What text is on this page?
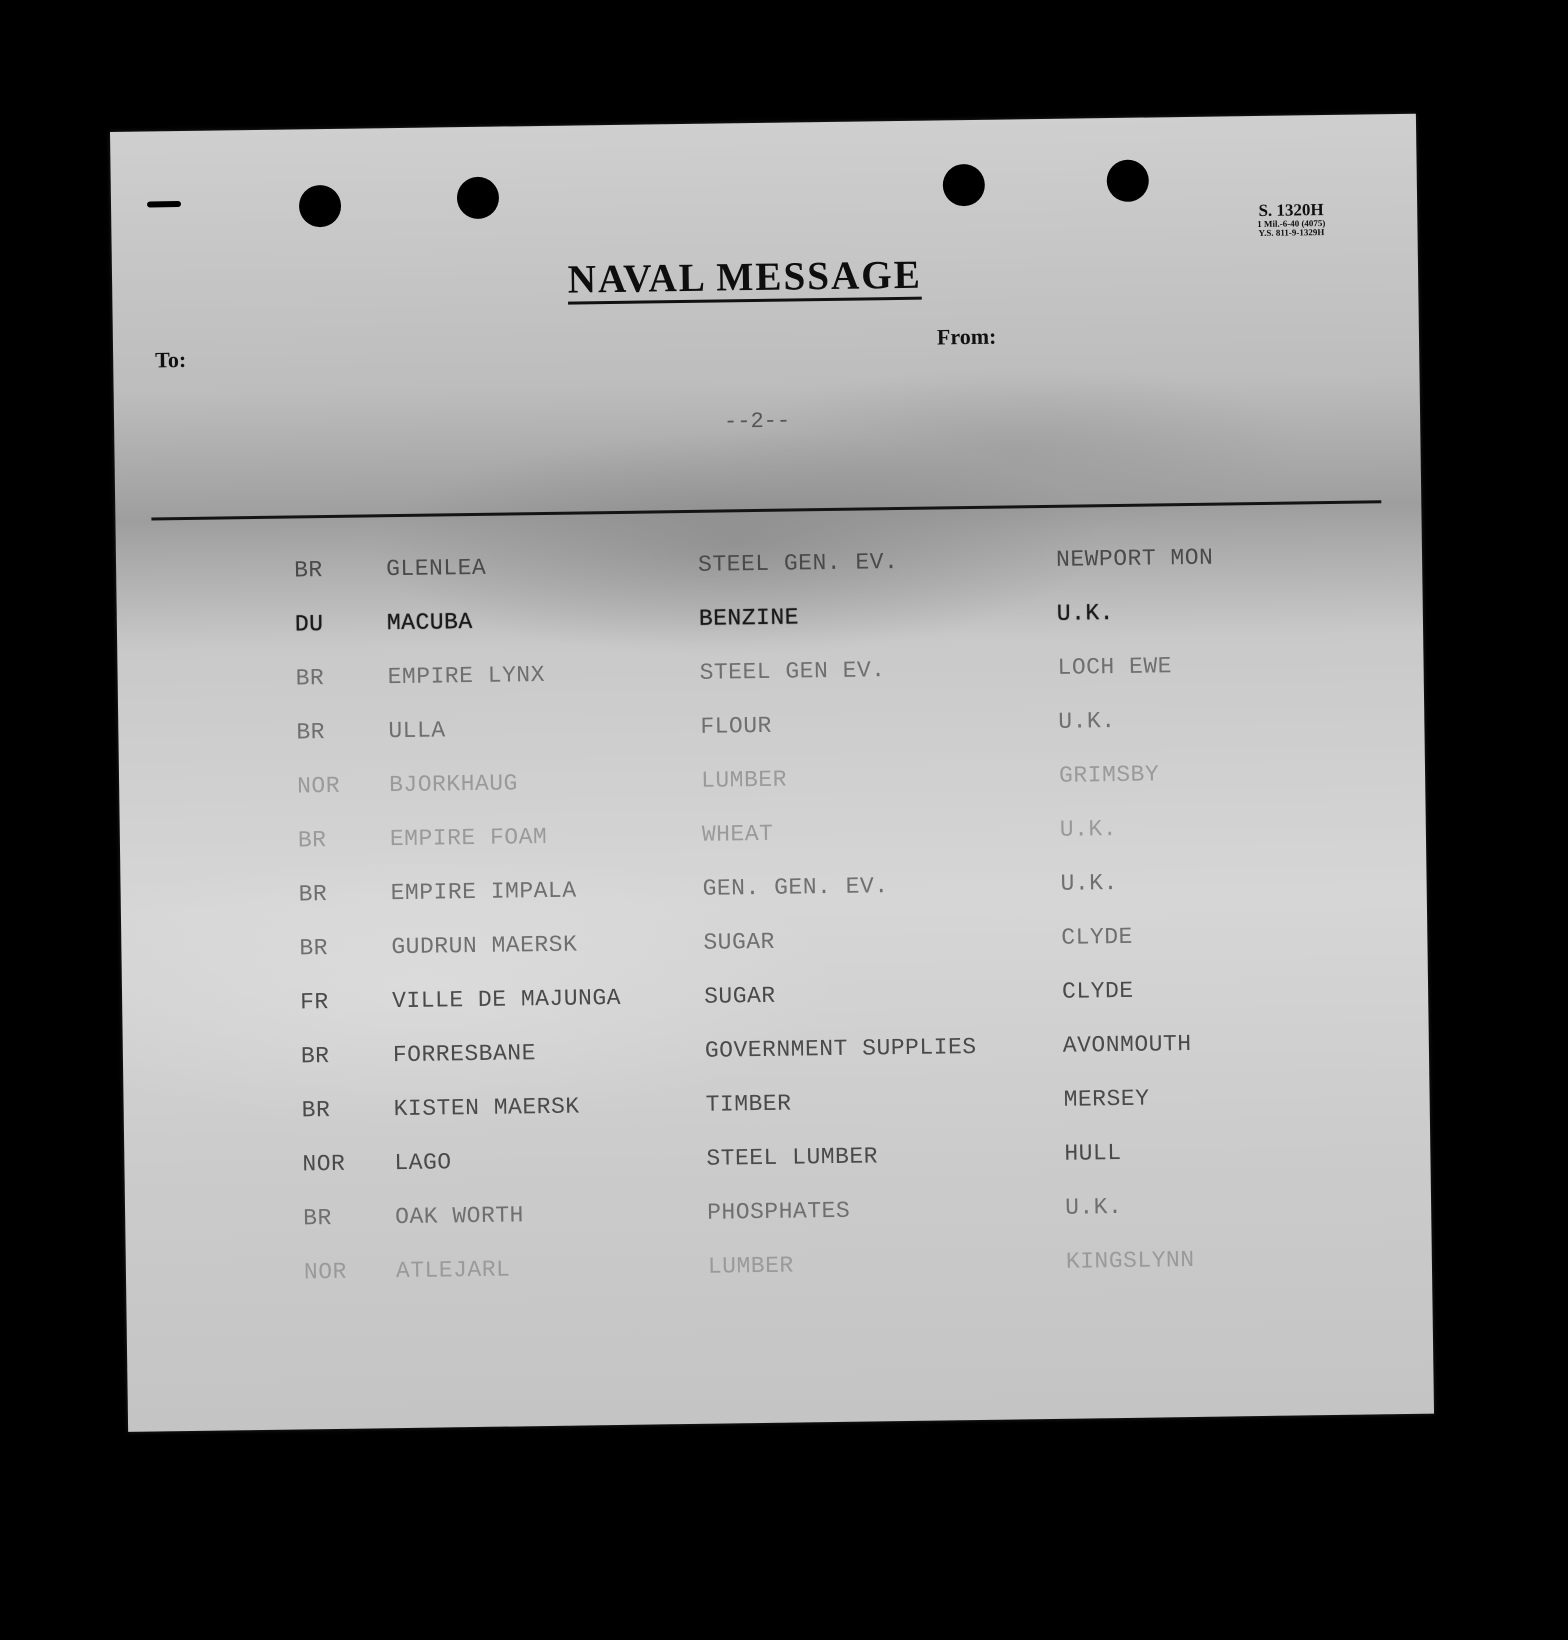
S. 1320H
1 Mil.-6-40 (4075)
Y.S. 811-9-1329H
NAVAL MESSAGE
To:
From:
--2--
BR	GLENLEA	STEEL GEN. EV.	NEWPORT MON
DU	MACUBA	BENZINE	U.K.
BR	EMPIRE LYNX	STEEL GEN EV.	LOCH EWE
BR	ULLA	FLOUR	U.K.
NOR BJORKHAUG	LUMBER	GRIMSBY
BR	EMPIRE FOAM	WHEAT	U.K.
BR	EMPIRE IMPALA	GEN. GEN. EV.	U.K.
BR	GUDRUN MAERSK	SUGAR	CLYDE
FR	VILLE DE MAJUNGA	SUGAR	CLYDE
BR	FORRESBANE	GOVERNMENT SUPPLIES	AVONMOUTH
BR	KISTEN MAERSK	TIMBER	MERSEY
NOR LAGO	STEEL LUMBER	HULL
BR	OAK WORTH	PHOSPHATES	U.K.
NOR ATLEJARL	LUMBER	KINGSLYNN
